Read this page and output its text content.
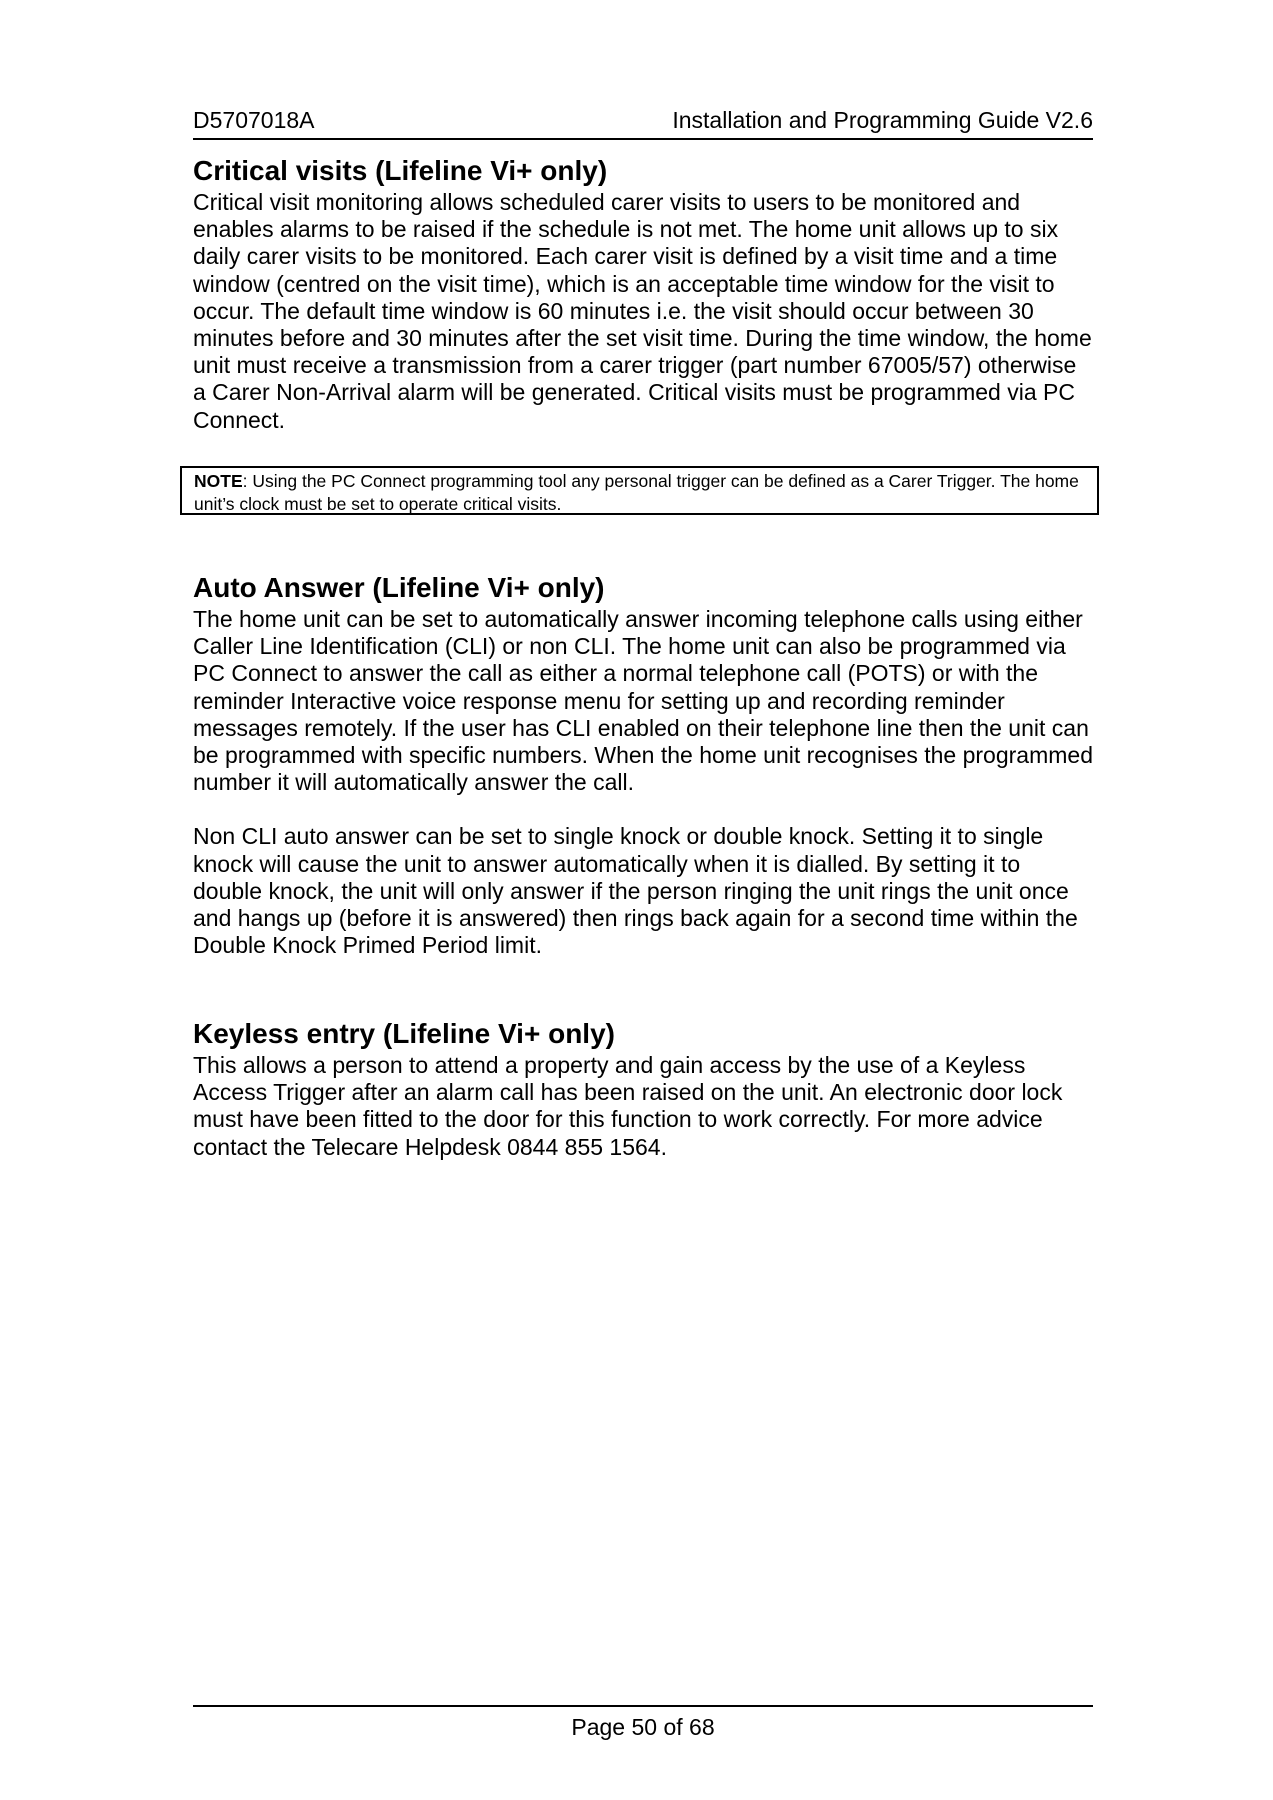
D5707018A	Installation and Programming Guide V2.6
Critical visits (Lifeline Vi+ only)

Critical visit monitoring allows scheduled carer visits to users to be monitored and enables alarms to be raised if the schedule is not met. The home unit allows up to six daily carer visits to be monitored. Each carer visit is defined by a visit time and a time window (centred on the visit time), which is an acceptable time window for the visit to occur. The default time window is 60 minutes i.e. the visit should occur between 30 minutes before and 30 minutes after the set visit time. During the time window, the home unit must receive a transmission from a carer trigger (part number 67005/57) otherwise a Carer Non-Arrival alarm will be generated. Critical visits must be programmed via PC Connect.

NOTE: Using the PC Connect programming tool any personal trigger can be defined as a Carer Trigger. The home unit’s clock must be set to operate critical visits.
Auto Answer (Lifeline Vi+ only)

The home unit can be set to automatically answer incoming telephone calls using either Caller Line Identification (CLI) or non CLI. The home unit can also be programmed via PC Connect to answer the call as either a normal telephone call (POTS) or with the reminder Interactive voice response menu for setting up and recording reminder messages remotely. If the user has CLI enabled on their telephone line then the unit can be programmed with specific numbers. When the home unit recognises the programmed number it will automatically answer the call.

Non CLI auto answer can be set to single knock or double knock. Setting it to single knock will cause the unit to answer automatically when it is dialled. By setting it to double knock, the unit will only answer if the person ringing the unit rings the unit once and hangs up (before it is answered) then rings back again for a second time within the Double Knock Primed Period limit.

Keyless entry (Lifeline Vi+ only)

This allows a person to attend a property and gain access by the use of a Keyless Access Trigger after an alarm call has been raised on the unit. An electronic door lock must have been fitted to the door for this function to work correctly. For more advice contact the Telecare Helpdesk 0844 855 1564.

Page 50 of 68
